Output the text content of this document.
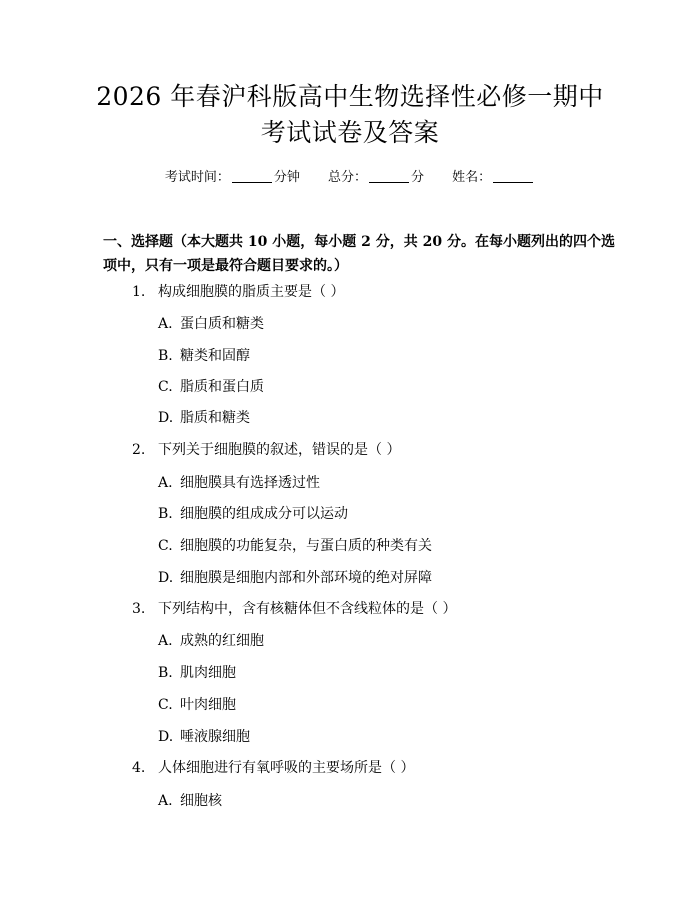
2026 年春沪科版高中生物选择性必修一期中
考试试卷及答案
考试时间：	分钟 总分：	分 姓名：
一、选择题（本大题共 10 小题，每小题 2 分，共 20 分。在每小题列出的四个选
项中，只有一项是最符合题目要求的。）
1. 构成细胞膜的脂质主要是（ ）
A. 蛋白质和糖类
B. 糖类和固醇
C. 脂质和蛋白质
D. 脂质和糖类
2. 下列关于细胞膜的叙述，错误的是（ ）
A. 细胞膜具有选择透过性
B. 细胞膜的组成成分可以运动
C. 细胞膜的功能复杂，与蛋白质的种类有关
D. 细胞膜是细胞内部和外部环境的绝对屏障
3. 下列结构中，含有核糖体但不含线粒体的是（ ）
A. 成熟的红细胞
B. 肌肉细胞
C. 叶肉细胞
D. 唾液腺细胞
4. 人体细胞进行有氧呼吸的主要场所是（ ）
A. 细胞核
